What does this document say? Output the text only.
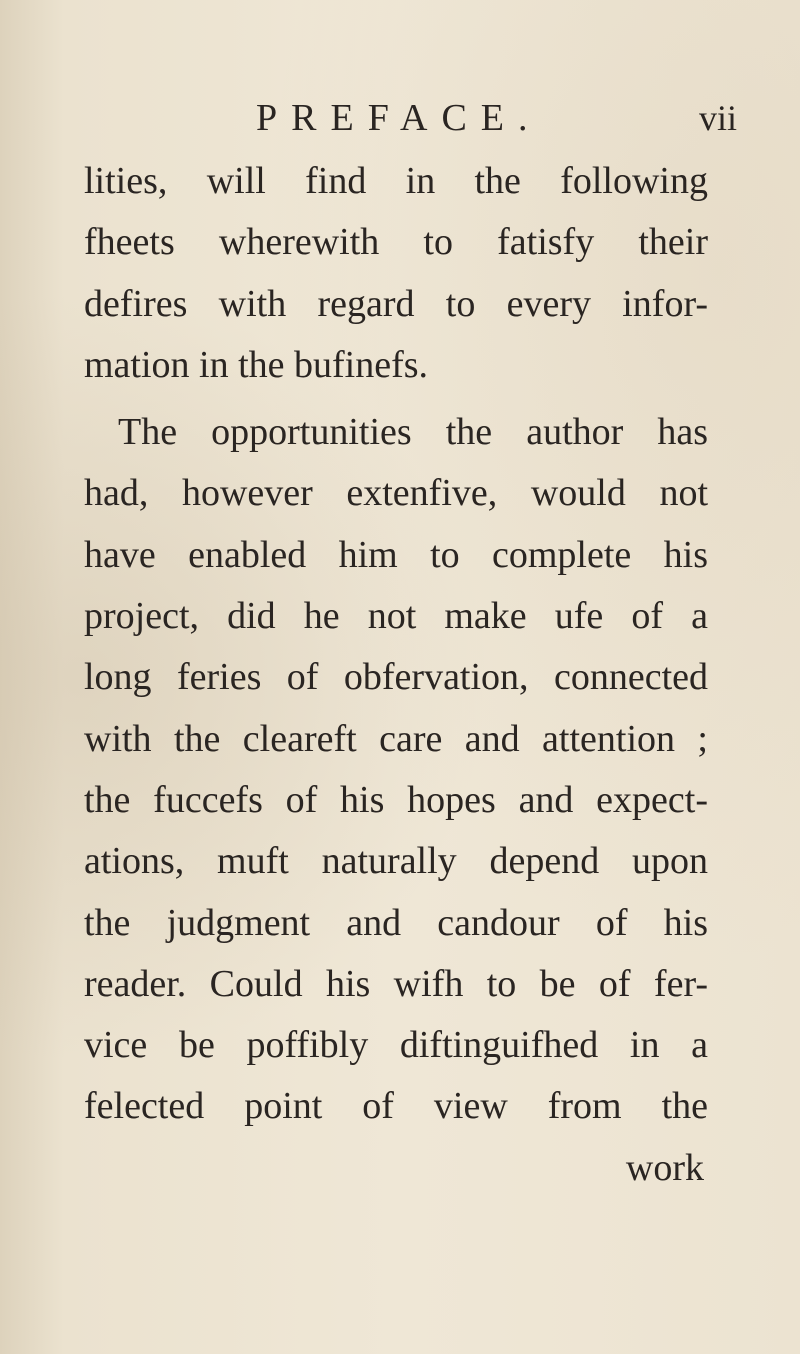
PREFACE.	vii
lities, will find in the following
fheets wherewith to fatisfy their
defires with regard to every infor-
mation in the bufinefs.
The opportunities the author has
had, however extenfive, would not
have enabled him to complete his
project, did he not make ufe of a
long feries of obfervation, connected
with the cleareft care and attention ;
the fuccefs of his hopes and expect-
ations, muft naturally depend upon
the judgment and candour of his
reader. Could his wifh to be of fer-
vice be poffibly diftinguifhed in a
felected point of view from the
work
